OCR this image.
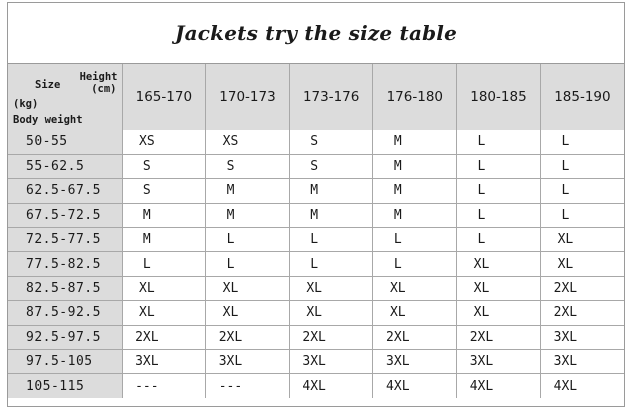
Jackets try the size table
Height
(cm)
Size
(kg)
Body weight	165-170	170-173	173-176	176-180	180-185	185-190
50-55	XS	XS	S	M	L	L
55-62.5	S	S	S	M	L	L
62.5-67.5	S	M	M	M	L	L
67.5-72.5	M	M	M	M	L	L
72.5-77.5	M	L	L	L	L	XL
77.5-82.5	L	L	L	L	XL	XL
82.5-87.5	XL	XL	XL	XL	XL	2XL
87.5-92.5	XL	XL	XL	XL	XL	2XL
92.5-97.5	2XL	2XL	2XL	2XL	2XL	3XL
97.5-105	3XL	3XL	3XL	3XL	3XL	3XL
105-115	---	---	4XL	4XL	4XL	4XL
